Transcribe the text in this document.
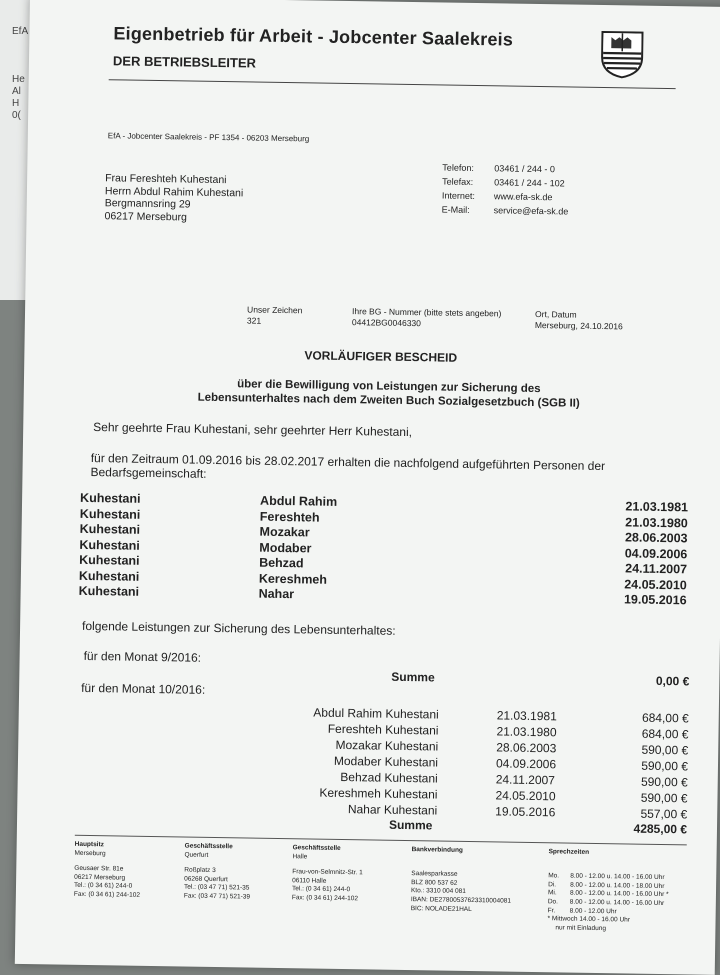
EfA
He
Al
H
0(
Eigenbetrieb für Arbeit - Jobcenter Saalekreis
DER BETRIEBSLEITER
EfA - Jobcenter Saalekreis - PF 1354 - 06203 Merseburg
Telefon: 03461 / 244 - 0
Telefax: 03461 / 244 - 102
Internet: www.efa-sk.de
E-Mail:	service@efa-sk.de
Frau Fereshteh Kuhestani
Herrn Abdul Rahim Kuhestani
Bergmannsring 29
06217 Merseburg
Unser Zeichen
321
Ihre BG - Nummer (bitte stets angeben)
04412BG0046330
Ort, Datum
Merseburg, 24.10.2016
VORLÄUFIGER BESCHEID
über die Bewilligung von Leistungen zur Sicherung des
Lebensunterhaltes nach dem Zweiten Buch Sozialgesetzbuch (SGB II)
Sehr geehrte Frau Kuhestani, sehr geehrter Herr Kuhestani,
für den Zeitraum 01.09.2016 bis 28.02.2017 erhalten die nachfolgend aufgeführten Personen der Bedarfsgemeinschaft:
Kuhestani	Abdul Rahim	21.03.1981
Kuhestani	Fereshteh	21.03.1980
Kuhestani	Mozakar	28.06.2003
Kuhestani	Modaber	04.09.2006
Kuhestani	Behzad	24.11.2007
Kuhestani	Kereshmeh	24.05.2010
Kuhestani	Nahar	19.05.2016
folgende Leistungen zur Sicherung des Lebensunterhaltes:
für den Monat 9/2016:
Summe	0,00 €
für den Monat 10/2016:
Abdul Rahim Kuhestani	21.03.1981	684,00 €
Fereshteh Kuhestani	21.03.1980	684,00 €
Mozakar Kuhestani	28.06.2003	590,00 €
Modaber Kuhestani	04.09.2006	590,00 €
Behzad Kuhestani	24.11.2007	590,00 €
Kereshmeh Kuhestani	24.05.2010	590,00 €
Nahar Kuhestani	19.05.2016	557,00 €
Summe	4285,00 €
Hauptsitz
Merseburg
Geusaer Str. 81e
06217 Merseburg
Tel.: (0 34 61) 244-0
Fax: (0 34 61) 244-102
Geschäftsstelle
Querfurt
Roßplatz 3
06268 Querfurt
Tel.: (03 47 71) 521-35
Fax: (03 47 71) 521-39
Geschäftsstelle
Halle
Frau-von-Selmnitz-Str. 1
06110 Halle
Tel.: (0 34 61) 244-0
Fax: (0 34 61) 244-102
Bankverbindung

Saalesparkasse
BLZ 800 537 62
Kto.: 3310 004 081
IBAN: DE27800537623310004081
BIC: NOLADE21HAL
Sprechzeiten

Mo. 8.00 - 12.00 u. 14.00 - 16.00 Uhr
Di. 8.00 - 12.00 u. 14.00 - 18.00 Uhr
Mi. 8.00 - 12.00 u. 14.00 - 16.00 Uhr *
Do. 8.00 - 12.00 u. 14.00 - 16.00 Uhr
Fr. 8.00 - 12.00 Uhr
* Mittwoch 14.00 - 16.00 Uhr
nur mit Einladung
